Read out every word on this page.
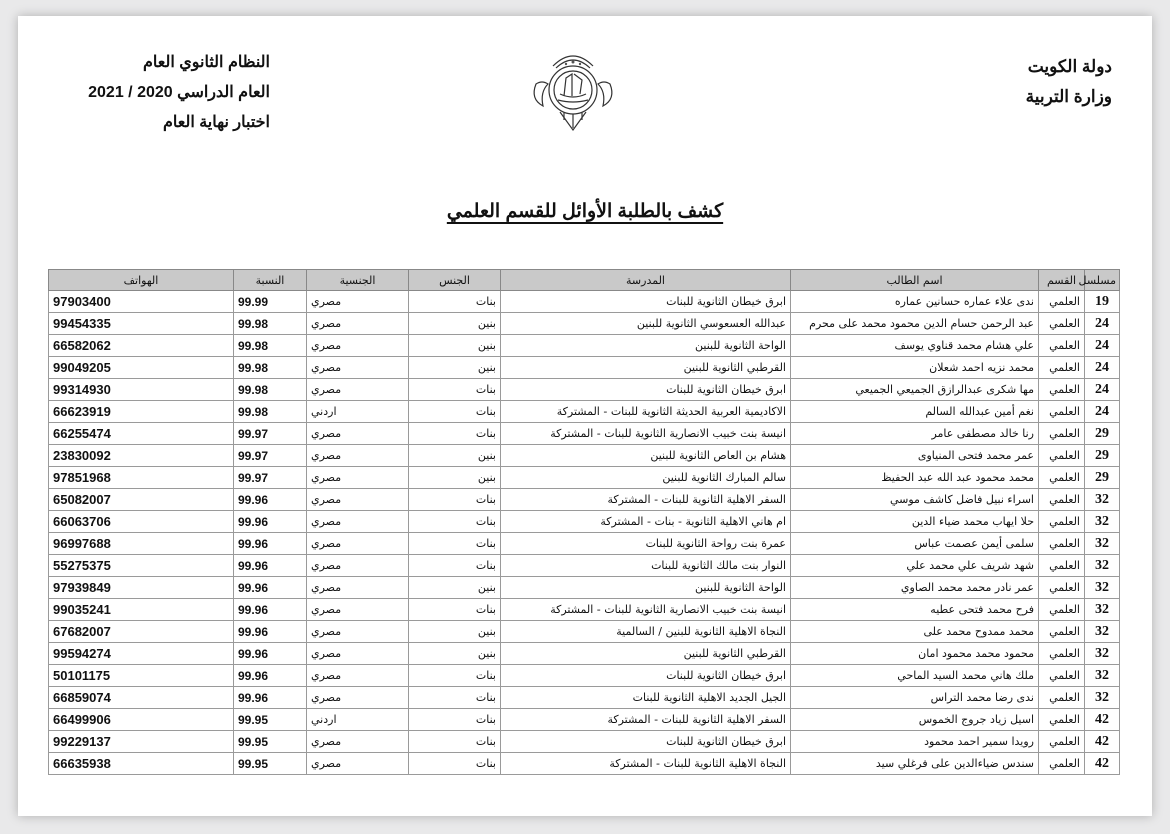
دولة الكويت
وزارة التربية
النظام الثانوي العام
العام الدراسي 2020 / 2021
اختبار نهاية العام
كشف بالطلبة الأوائل للقسم العلمي
مسلسل	القسم	اسم الطالب	المدرسة	الجنس	الجنسية	النسبة	الهواتف
19	العلمي	ندى علاء عماره حسانين عماره	ابرق خيطان الثانوية للبنات	بنات	مصري	99.99	97903400
24	العلمي	عبد الرحمن حسام الدين محمود محمد على محرم	عبدالله العسعوسي الثانوية للبنين	بنين	مصري	99.98	99454335
24	العلمي	علي هشام محمد قناوي يوسف	الواحة الثانوية للبنين	بنين	مصري	99.98	66582062
24	العلمي	محمد نزيه احمد شعلان	القرطبي الثانوية للبنين	بنين	مصري	99.98	99049205
24	العلمي	مها شكرى عبدالرازق الجميعي الجميعي	ابرق خيطان الثانوية للبنات	بنات	مصري	99.98	99314930
24	العلمي	نغم أمين عبدالله السالم	الاكاديمية العربية الحديثة الثانوية للبنات - المشتركة	بنات	اردني	99.98	66623919
29	العلمي	رنا خالد مصطفى عامر	انيسة بنت خبيب الانصارية الثانوية للبنات - المشتركة	بنات	مصري	99.97	66255474
29	العلمي	عمر محمد فتحى المنياوى	هشام بن العاص الثانوية للبنين	بنين	مصري	99.97	23830092
29	العلمي	محمد محمود عبد الله عبد الحفيظ	سالم المبارك الثانوية للبنين	بنين	مصري	99.97	97851968
32	العلمي	اسراء نبيل فاضل كاشف موسي	السفر الاهلية الثانوية للبنات - المشتركة	بنات	مصري	99.96	65082007
32	العلمي	حلا ايهاب محمد ضياء الدين	ام هاني الاهلية الثانوية - بنات - المشتركة	بنات	مصري	99.96	66063706
32	العلمي	سلمى أيمن عصمت عباس	عمرة بنت رواحة الثانوية للبنات	بنات	مصري	99.96	96997688
32	العلمي	شهد شريف علي محمد علي	النوار بنت مالك الثانوية للبنات	بنات	مصري	99.96	55275375
32	العلمي	عمر نادر محمد محمد الصاوي	الواحة الثانوية للبنين	بنين	مصري	99.96	97939849
32	العلمي	فرح محمد فتحى عطيه	انيسة بنت خبيب الانصارية الثانوية للبنات - المشتركة	بنات	مصري	99.96	99035241
32	العلمي	محمد ممدوح محمد على	النجاة الاهلية الثانوية للبنين / السالمية	بنين	مصري	99.96	67682007
32	العلمي	محمود محمد محمود امان	القرطبي الثانوية للبنين	بنين	مصري	99.96	99594274
32	العلمي	ملك هاني محمد السيد الماحي	ابرق خيطان الثانوية للبنات	بنات	مصري	99.96	50101175
32	العلمي	ندى رضا محمد التراس	الجيل الجديد الاهلية الثانوية للبنات	بنات	مصري	99.96	66859074
42	العلمي	اسيل زياد جروج الخموس	السفر الاهلية الثانوية للبنات - المشتركة	بنات	اردني	99.95	66499906
42	العلمي	رويدا سمير احمد محمود	ابرق خيطان الثانوية للبنات	بنات	مصري	99.95	99229137
42	العلمي	سندس ضياءالدين على فرغلي سيد	النجاة الاهلية الثانوية للبنات - المشتركة	بنات	مصري	99.95	66635938
